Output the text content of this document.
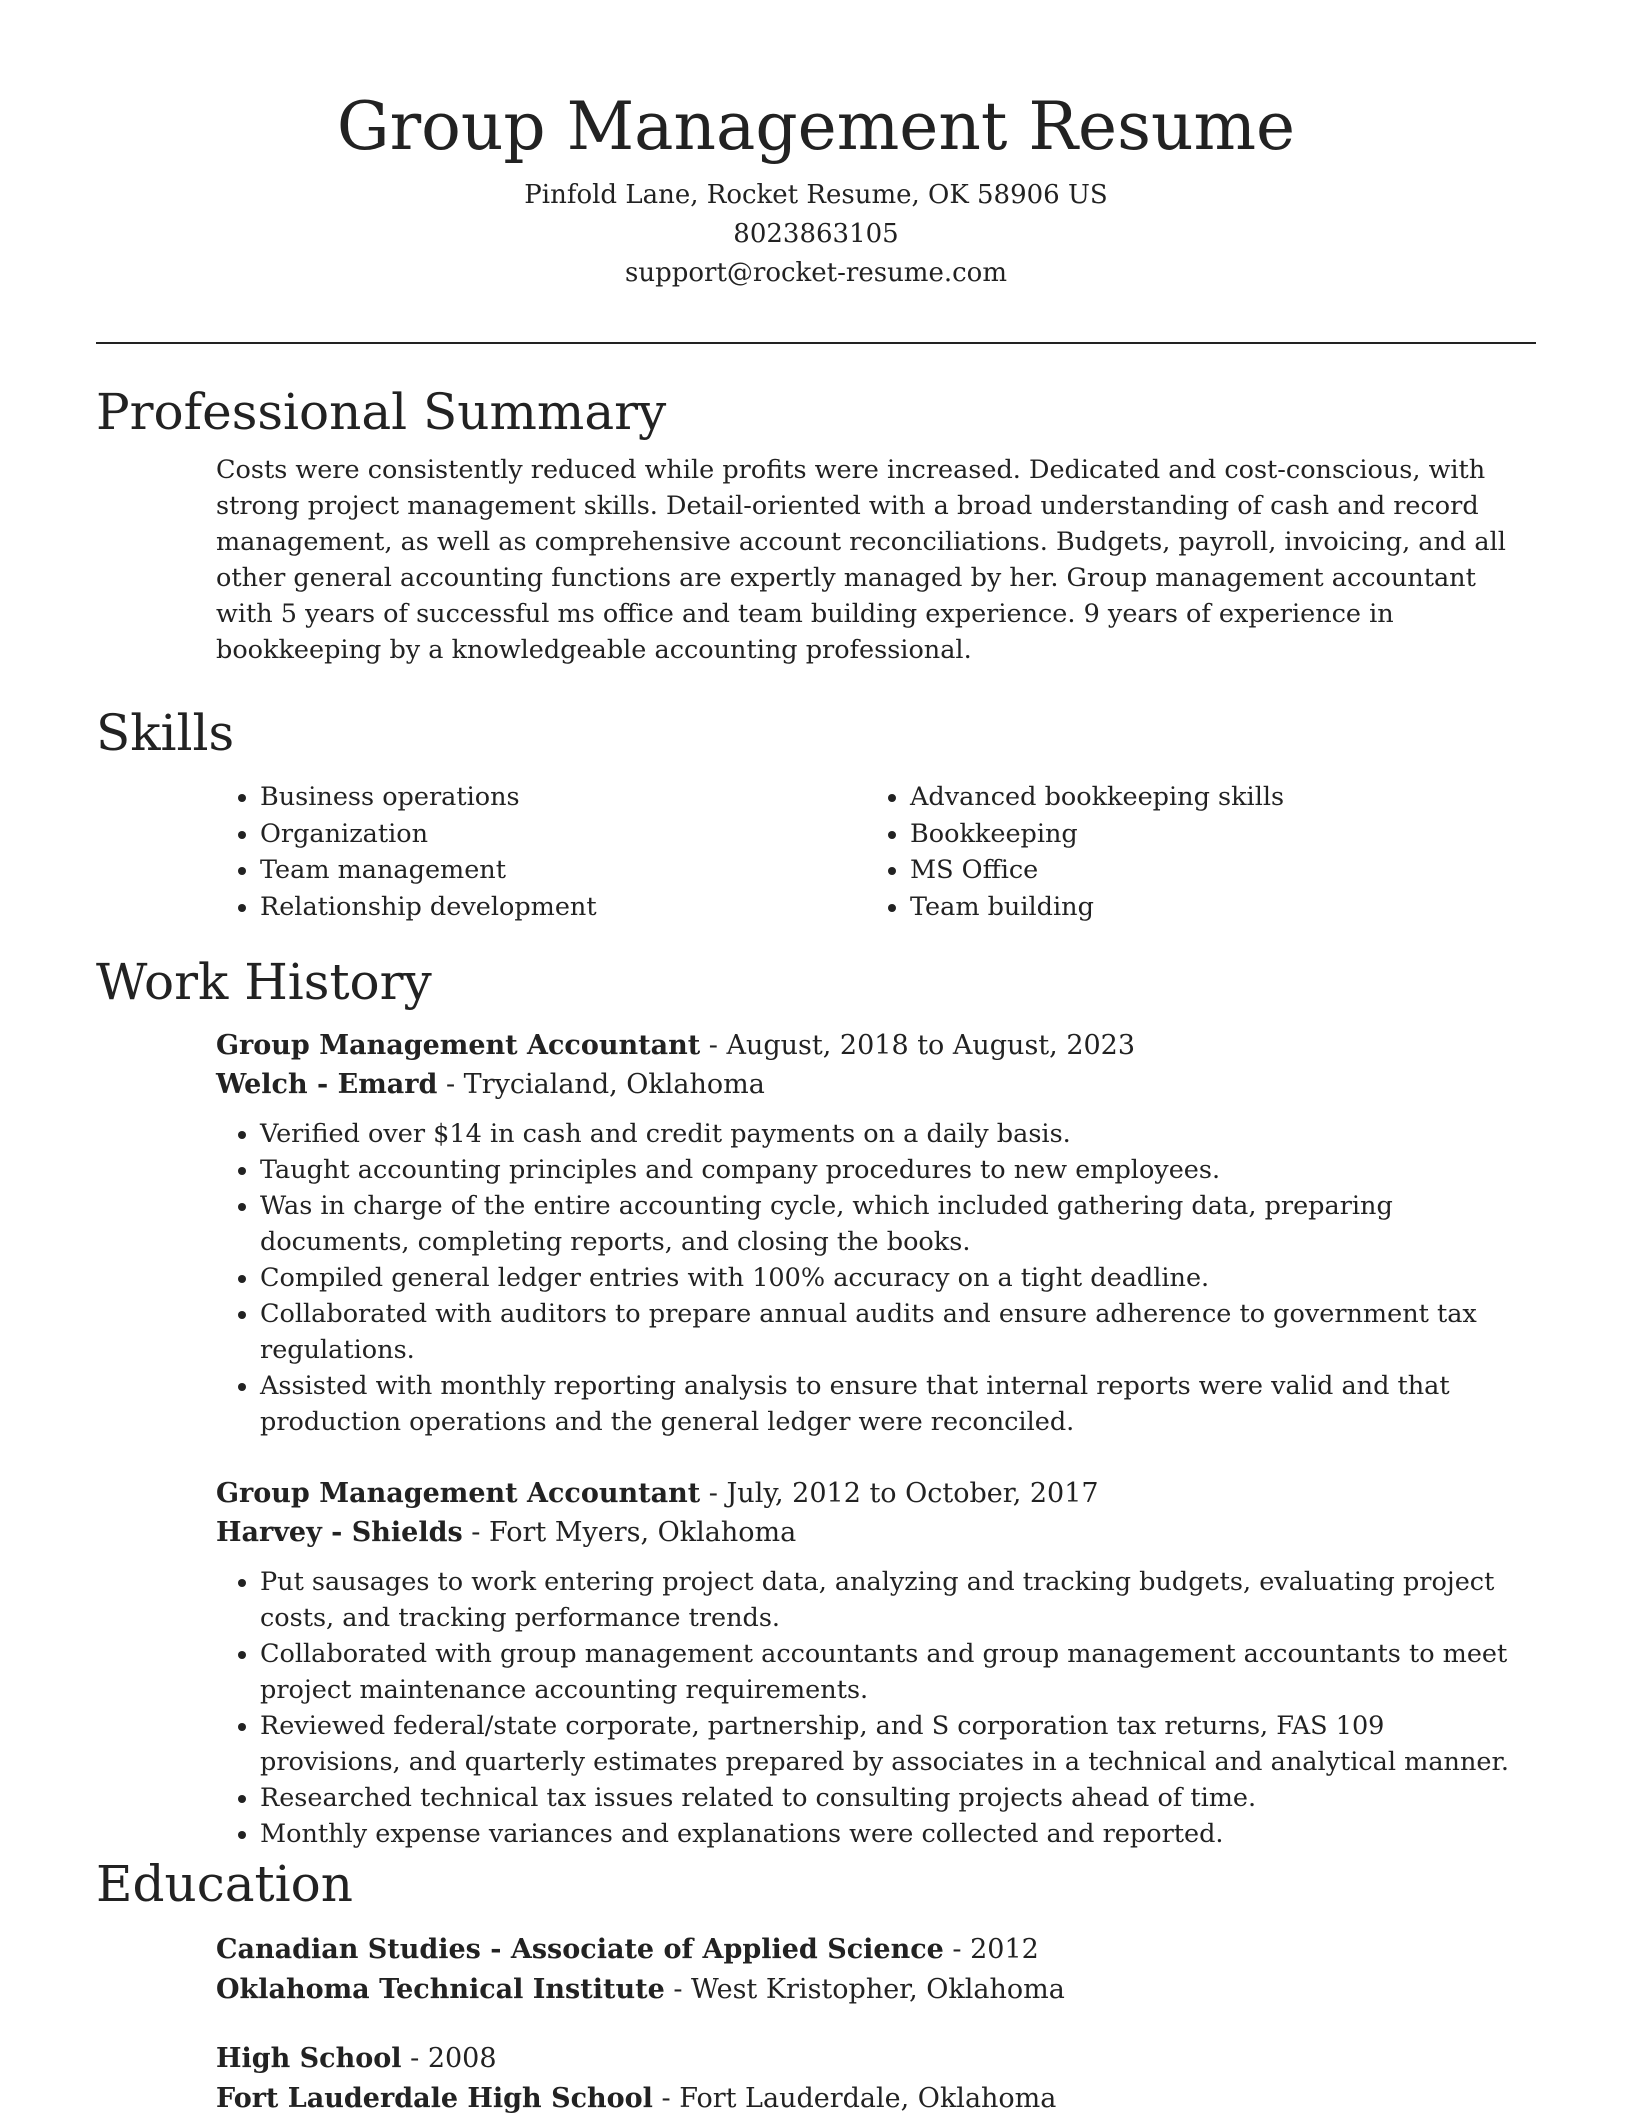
Group Management Resume

Pinfold Lane, Rocket Resume, OK 58906 US

8023863105

support@rocket-resume.com

Professional Summary

Costs were consistently reduced while profits were increased. Dedicated and cost-conscious, with strong project management skills. Detail-oriented with a broad understanding of cash and record management, as well as comprehensive account reconciliations. Budgets, payroll, invoicing, and all other general accounting functions are expertly managed by her. Group management accountant with 5 years of successful ms office and team building experience. 9 years of experience in bookkeeping by a knowledgeable accounting professional.

Skills
• Business operations
• Organization
• Team management
• Relationship development
• Advanced bookkeeping skills
• Bookkeeping
• MS Office
• Team building
Work History

Group Management Accountant - August, 2018 to August, 2023

Welch - Emard - Trycialand, Oklahoma

• Verified over $14 in cash and credit payments on a daily basis.
• Taught accounting principles and company procedures to new employees.
• Was in charge of the entire accounting cycle, which included gathering data, preparing documents, completing reports, and closing the books.
• Compiled general ledger entries with 100% accuracy on a tight deadline.
• Collaborated with auditors to prepare annual audits and ensure adherence to government tax regulations.
• Assisted with monthly reporting analysis to ensure that internal reports were valid and that production operations and the general ledger were reconciled.

Group Management Accountant - July, 2012 to October, 2017

Harvey - Shields - Fort Myers, Oklahoma

• Put sausages to work entering project data, analyzing and tracking budgets, evaluating project costs, and tracking performance trends.
• Collaborated with group management accountants and group management accountants to meet project maintenance accounting requirements.
• Reviewed federal/state corporate, partnership, and S corporation tax returns, FAS 109 provisions, and quarterly estimates prepared by associates in a technical and analytical manner.
• Researched technical tax issues related to consulting projects ahead of time.
• Monthly expense variances and explanations were collected and reported.
Education

Canadian Studies - Associate of Applied Science - 2012

Oklahoma Technical Institute - West Kristopher, Oklahoma

High School - 2008

Fort Lauderdale High School - Fort Lauderdale, Oklahoma
